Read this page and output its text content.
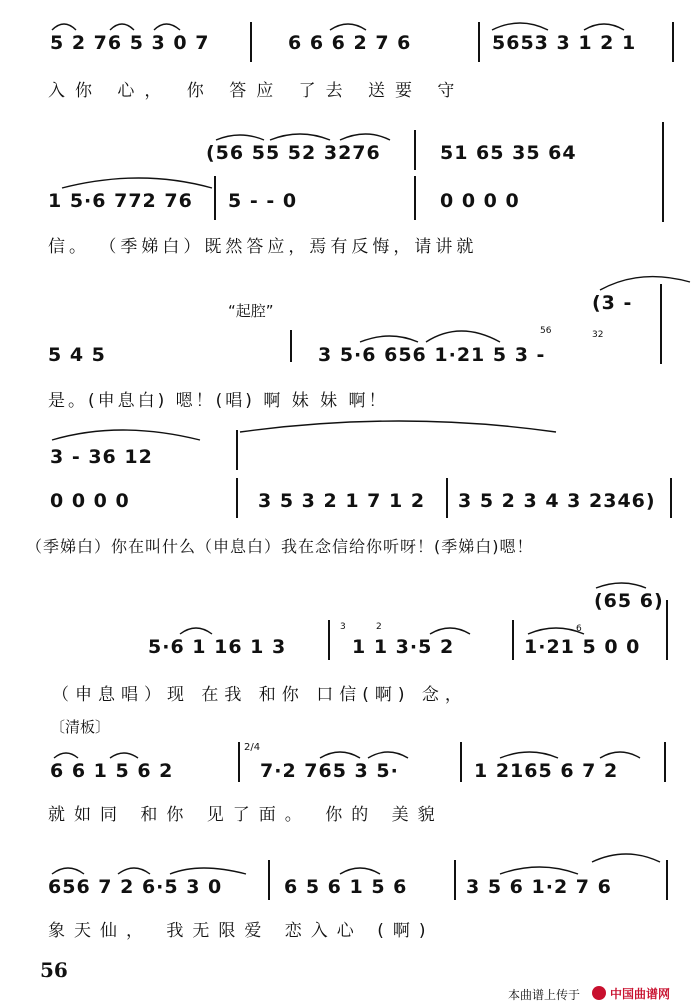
5 2 76 5 3 0 7	6 6 6 2 7 6	5653 3 1 2 1
入你 心， 你 答应 了去 送要 守
(56 55 52 3276	51 65 35 64
1 5·6 772 76 5 - - 0	0 0 0 0
信。 （季娣白）既然答应，焉有反悔，请讲就
“起腔”	(3 -
5 4 5	3 5·6 656 1·21 5 3 -
56	32
是。(申息白) 嗯！(唱) 啊 妹 妹 啊！
3 - 36 12
0 0 0 0	3 5 3 2 1 7 1 2 3 5 2 3 4 3 2346)
（季娣白）你在叫什么（申息白）我在念信给你听呀！(季娣白)嗯！
(65 6)
5·6 1 16 1 3
3	2
1 1 3·5 2
6
1·21 5 0 0
（申息唱）现 在我 和你 口信(啊) 念，
〔清板〕
6 6 1 5 6 2
2/4
7·2 765 3 5·	1 2165 6 7 2
就如同 和你 见了面。 你的 美貌
656 7 2 6·5 3 0	6 5 6 1 5 6	3 5 6 1·2 7 6
象天仙， 我无限爱 恋入心 (啊)
56
本曲谱上传于 中国曲谱网
